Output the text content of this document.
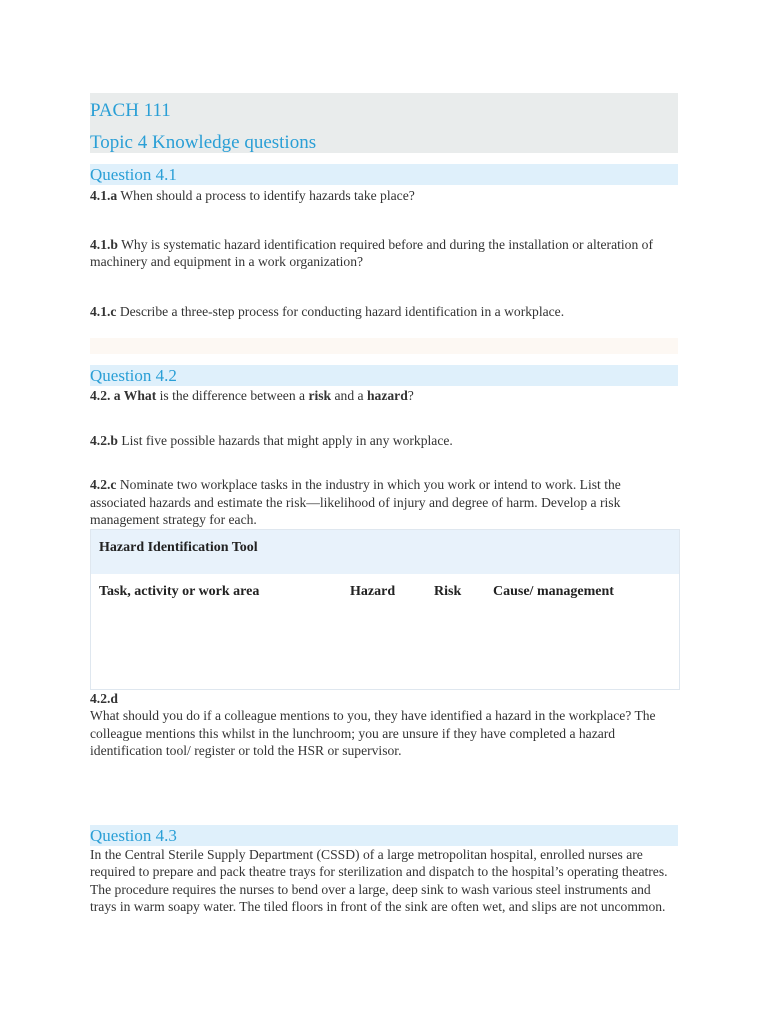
PACH 111
Topic 4 Knowledge questions
Question 4.1

4.1.a When should a process to identify hazards take place?

4.1.b Why is systematic hazard identification required before and during the installation or alteration of machinery and equipment in a work organization?

4.1.c Describe a three-step process for conducting hazard identification in a workplace.

Question 4.2

4.2. a What is the difference between a risk and a hazard?

4.2.b List five possible hazards that might apply in any workplace.

4.2.c Nominate two workplace tasks in the industry in which you work or intend to work. List the associated hazards and estimate the risk—likelihood of injury and degree of harm. Develop a risk management strategy for each.

Hazard Identification Tool
Task, activity or work area	Hazard	Risk	Cause/ management

4.2.d

What should you do if a colleague mentions to you, they have identified a hazard in the workplace? The colleague mentions this whilst in the lunchroom; you are unsure if they have completed a hazard identification tool/ register or told the HSR or supervisor.

Question 4.3

In the Central Sterile Supply Department (CSSD) of a large metropolitan hospital, enrolled nurses are required to prepare and pack theatre trays for sterilization and dispatch to the hospital’s operating theatres. The procedure requires the nurses to bend over a large, deep sink to wash various steel instruments and trays in warm soapy water. The tiled floors in front of the sink are often wet, and slips are not uncommon.
